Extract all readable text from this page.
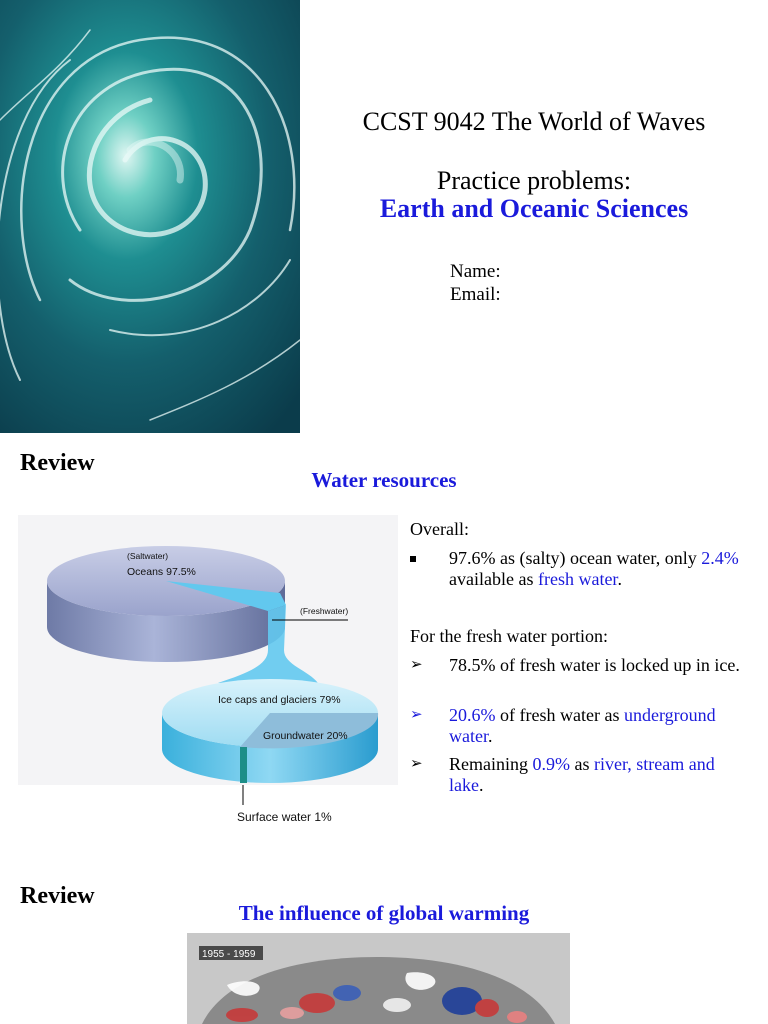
CCST 9042 The World of Waves
Practice problems:
Earth and Oceanic Sciences
Name:
Email:
Review
Water resources
(Saltwater)
Oceans 97.5%
(Freshwater)
Ice caps and glaciers 79%
Groundwater 20%
Surface water 1%
Overall:
97.6% as (salty) ocean water, only 2.4% available as fresh water.
For the fresh water portion:
➢ 78.5% of fresh water is locked up in ice.
➢ 20.6% of fresh water as underground water.
➢ Remaining 0.9% as river, stream and lake.
Review
The influence of global warming
1955 - 1959
